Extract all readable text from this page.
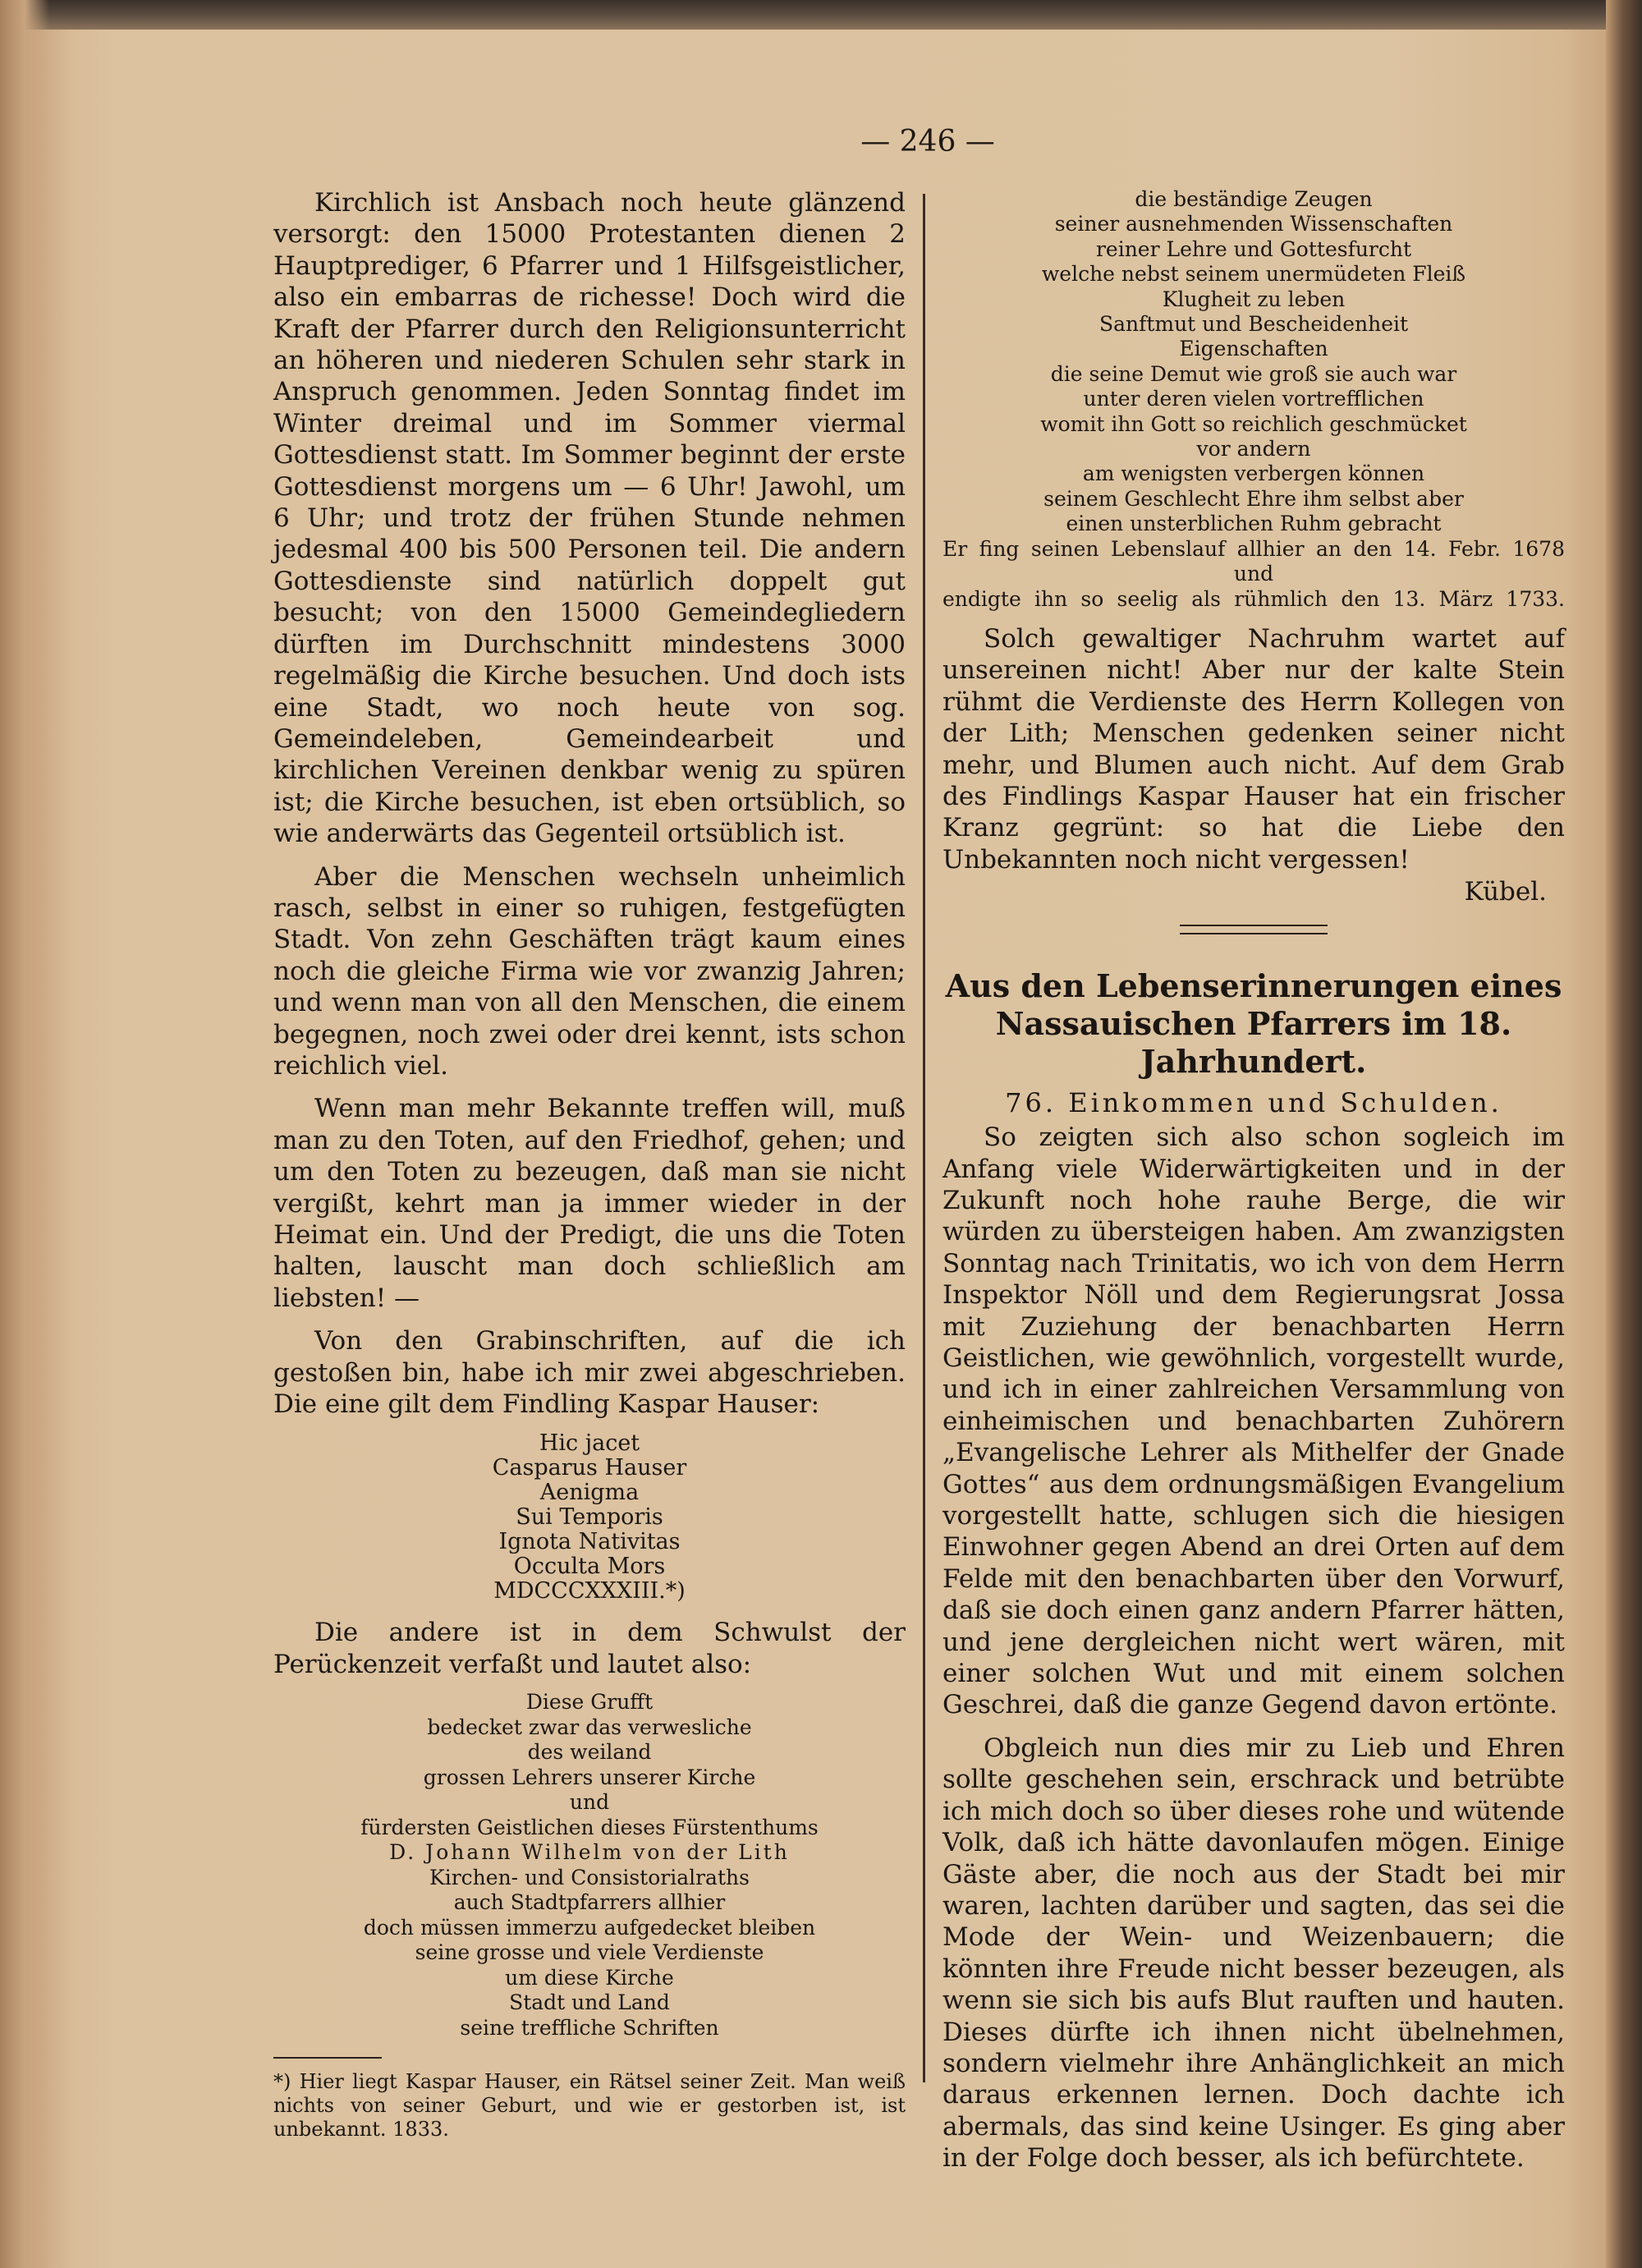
— 246 —

Kirchlich ist Ansbach noch heute glänzend versorgt: den 15000 Protestanten dienen 2 Hauptprediger, 6 Pfarrer und 1 Hilfsgeistlicher, also ein embarras de richesse! Doch wird die Kraft der Pfarrer durch den Religionsunterricht an höheren und niederen Schulen sehr stark in Anspruch genommen. Jeden Sonntag findet im Winter dreimal und im Sommer viermal Gottesdienst statt. Im Sommer beginnt der erste Gottesdienst morgens um — 6 Uhr! Jawohl, um 6 Uhr; und trotz der frühen Stunde nehmen jedesmal 400 bis 500 Personen teil. Die andern Gottesdienste sind natürlich doppelt gut besucht; von den 15000 Gemeindegliedern dürften im Durchschnitt mindestens 3000 regelmäßig die Kirche besuchen. Und doch ists eine Stadt, wo noch heute von sog. Gemeindeleben, Gemeindearbeit und kirchlichen Vereinen denkbar wenig zu spüren ist; die Kirche besuchen, ist eben ortsüblich, so wie anderwärts das Gegenteil ortsüblich ist.

Aber die Menschen wechseln unheimlich rasch, selbst in einer so ruhigen, festgefügten Stadt. Von zehn Geschäften trägt kaum eines noch die gleiche Firma wie vor zwanzig Jahren; und wenn man von all den Menschen, die einem begegnen, noch zwei oder drei kennt, ists schon reichlich viel.

Wenn man mehr Bekannte treffen will, muß man zu den Toten, auf den Friedhof, gehen; und um den Toten zu bezeugen, daß man sie nicht vergißt, kehrt man ja immer wieder in der Heimat ein. Und der Predigt, die uns die Toten halten, lauscht man doch schließlich am liebsten! —

Von den Grabinschriften, auf die ich gestoßen bin, habe ich mir zwei abgeschrieben. Die eine gilt dem Findling Kaspar Hauser:

Hic jacet
Casparus Hauser
Aenigma
Sui Temporis
Ignota Nativitas
Occulta Mors
MDCCCXXXIII.*)

Die andere ist in dem Schwulst der Perückenzeit verfaßt und lautet also:

Diese Grufft
bedecket zwar das verwesliche
des weiland
grossen Lehrers unserer Kirche
und
fürdersten Geistlichen dieses Fürstenthums
D. Johann Wilhelm von der Lith
Kirchen- und Consistorialraths
auch Stadtpfarrers allhier
doch müssen immerzu aufgedecket bleiben
seine grosse und viele Verdienste
um diese Kirche
Stadt und Land
seine treffliche Schriften

*) Hier liegt Kaspar Hauser, ein Rätsel seiner Zeit. Man weiß nichts von seiner Geburt, und wie er gestorben ist, ist unbekannt. 1833.

die beständige Zeugen
seiner ausnehmenden Wissenschaften
reiner Lehre und Gottesfurcht
welche nebst seinem unermüdeten Fleiß
Klugheit zu leben
Sanftmut und Bescheidenheit
Eigenschaften
die seine Demut wie groß sie auch war
unter deren vielen vortrefflichen
womit ihn Gott so reichlich geschmücket
vor andern
am wenigsten verbergen können
seinem Geschlecht Ehre ihm selbst aber
einen unsterblichen Ruhm gebracht
Er fing seinen Lebenslauf allhier an den 14. Febr. 1678
und
endigte ihn so seelig als rühmlich den 13. März 1733.

Solch gewaltiger Nachruhm wartet auf unsereinen nicht! Aber nur der kalte Stein rühmt die Verdienste des Herrn Kollegen von der Lith; Menschen gedenken seiner nicht mehr, und Blumen auch nicht. Auf dem Grab des Findlings Kaspar Hauser hat ein frischer Kranz gegrünt: so hat die Liebe den Unbekannten noch nicht vergessen!

Kübel.
Aus den Lebenserinnerungen eines
Nassauischen Pfarrers im 18. Jahrhundert.
76. Einkommen und Schulden.

So zeigten sich also schon sogleich im Anfang viele Widerwärtigkeiten und in der Zukunft noch hohe rauhe Berge, die wir würden zu übersteigen haben. Am zwanzigsten Sonntag nach Trinitatis, wo ich von dem Herrn Inspektor Nöll und dem Regierungsrat Jossa mit Zuziehung der benachbarten Herrn Geistlichen, wie gewöhnlich, vorgestellt wurde, und ich in einer zahlreichen Versammlung von einheimischen und benachbarten Zuhörern „Evangelische Lehrer als Mithelfer der Gnade Gottes“ aus dem ordnungsmäßigen Evangelium vorgestellt hatte, schlugen sich die hiesigen Einwohner gegen Abend an drei Orten auf dem Felde mit den benachbarten über den Vorwurf, daß sie doch einen ganz andern Pfarrer hätten, und jene dergleichen nicht wert wären, mit einer solchen Wut und mit einem solchen Geschrei, daß die ganze Gegend davon ertönte.

Obgleich nun dies mir zu Lieb und Ehren sollte geschehen sein, erschrack und betrübte ich mich doch so über dieses rohe und wütende Volk, daß ich hätte davonlaufen mögen. Einige Gäste aber, die noch aus der Stadt bei mir waren, lachten darüber und sagten, das sei die Mode der Wein- und Weizenbauern; die könnten ihre Freude nicht besser bezeugen, als wenn sie sich bis aufs Blut rauften und hauten. Dieses dürfte ich ihnen nicht übelnehmen, sondern vielmehr ihre Anhänglichkeit an mich daraus erkennen lernen. Doch dachte ich abermals, das sind keine Usinger. Es ging aber in der Folge doch besser, als ich befürchtete.
